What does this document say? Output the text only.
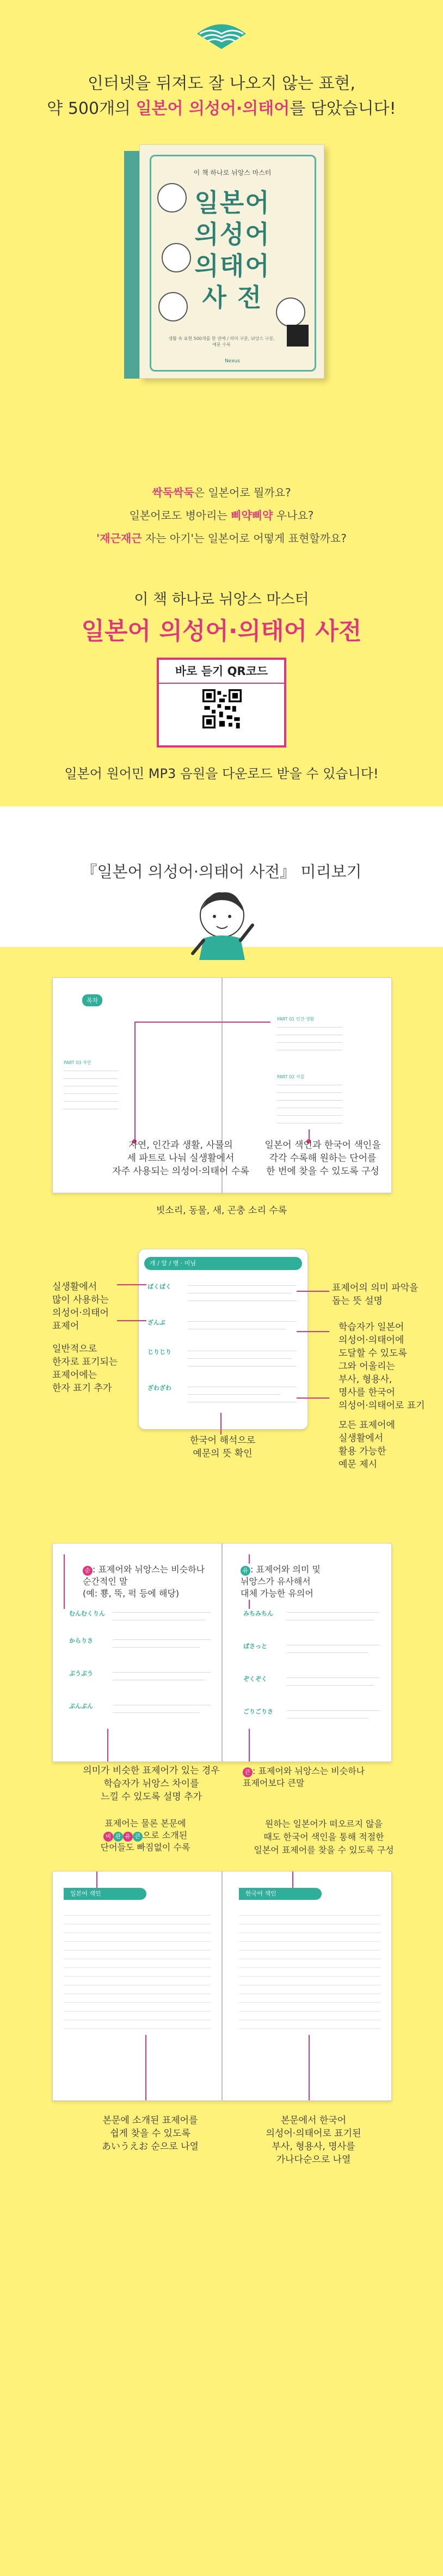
인터넷을 뒤져도 잘 나오지 않는 표현,
약 500개의 일본어 의성어·의태어를 담았습니다!
이 책 하나로 뉘앙스 마스터
일본어
의성어
의태어
사 전
생활 속 표현 500개를 한 권에 / 의미 구분, 뉘앙스 구분, 예문 수록
Nexus
싹둑싹둑은 일본어로 뭘까요?
일본어로도 병아리는 삐약삐약 우나요?
'재근재근 자는 아기'는 일본어로 어떻게 표현할까요?
이 책 하나로 뉘앙스 마스터
일본어 의성어·의태어 사전
바로 듣기 QR코드
일본어 원어민 MP3 음원을 다운로드 받을 수 있습니다!
『일본어 의성어·의태어 사전』 미리보기
목차
PART 03 자연
PART 01 인간·생활
PART 02 사물
자연, 인간과 생활, 사물의
세 파트로 나눠 실생활에서
자주 사용되는 의성어·의태어 수록
일본어 색인과 한국어 색인을
각각 수록해 원하는 단어를
한 번에 찾을 수 있도록 구성
빗소리, 동물, 새, 곤충 소리 수록
개 / 알 / 병 · 미님
ばくばく
ざんぶ
じりじり
ざわざわ
실생활에서
많이 사용하는
의성어·의태어
표제어
일반적으로
한자로 표기되는
표제어에는
한자 표기 추가
한국어 해석으로
예문의 뜻 확인
표제어의 의미 파악을
돕는 뜻 설명
학습자가 일본어
의성어·의태어에
도달할 수 있도록
그와 어울리는
부사, 형용사,
명사를 한국어
의성어·의태어로 표기
모든 표제어에
실생활에서
활용 가능한
예문 제시
むんむくりん
からりさ
ぶうぶう
ぶんぶん
みちみちん
ぱさっと
ぞくぞく
ごりごりさ
순 : 표제어와 뉘앙스는 비슷하나
순간적인 말
(예: 뿅, 뚝, 퍽 등에 해당)
유 : 표제어와 의미 및
뉘앙스가 유사해서
대체 가능한 유의어
의미가 비슷한 표제어가 있는 경우
학습자가 뉘앙스 차이를
느낄 수 있도록 설명 추가
큰 : 표제어와 뉘앙스는 비슷하나
표제어보다 큰말
표제어는 물론 본문에
비 관 유 큰 으로 소개된
단어들도 빠짐없이 수록
원하는 일본어가 떠오르지 않을
때도 한국어 색인을 통해 적절한
일본어 표제어를 찾을 수 있도록 구성
일본어 색인	한국어 색인
본문에 소개된 표제어를
쉽게 찾을 수 있도록
あいうえお 순으로 나열
본문에서 한국어
의성어·의태어로 표기된
부사, 형용사, 명사를
가나다순으로 나열
